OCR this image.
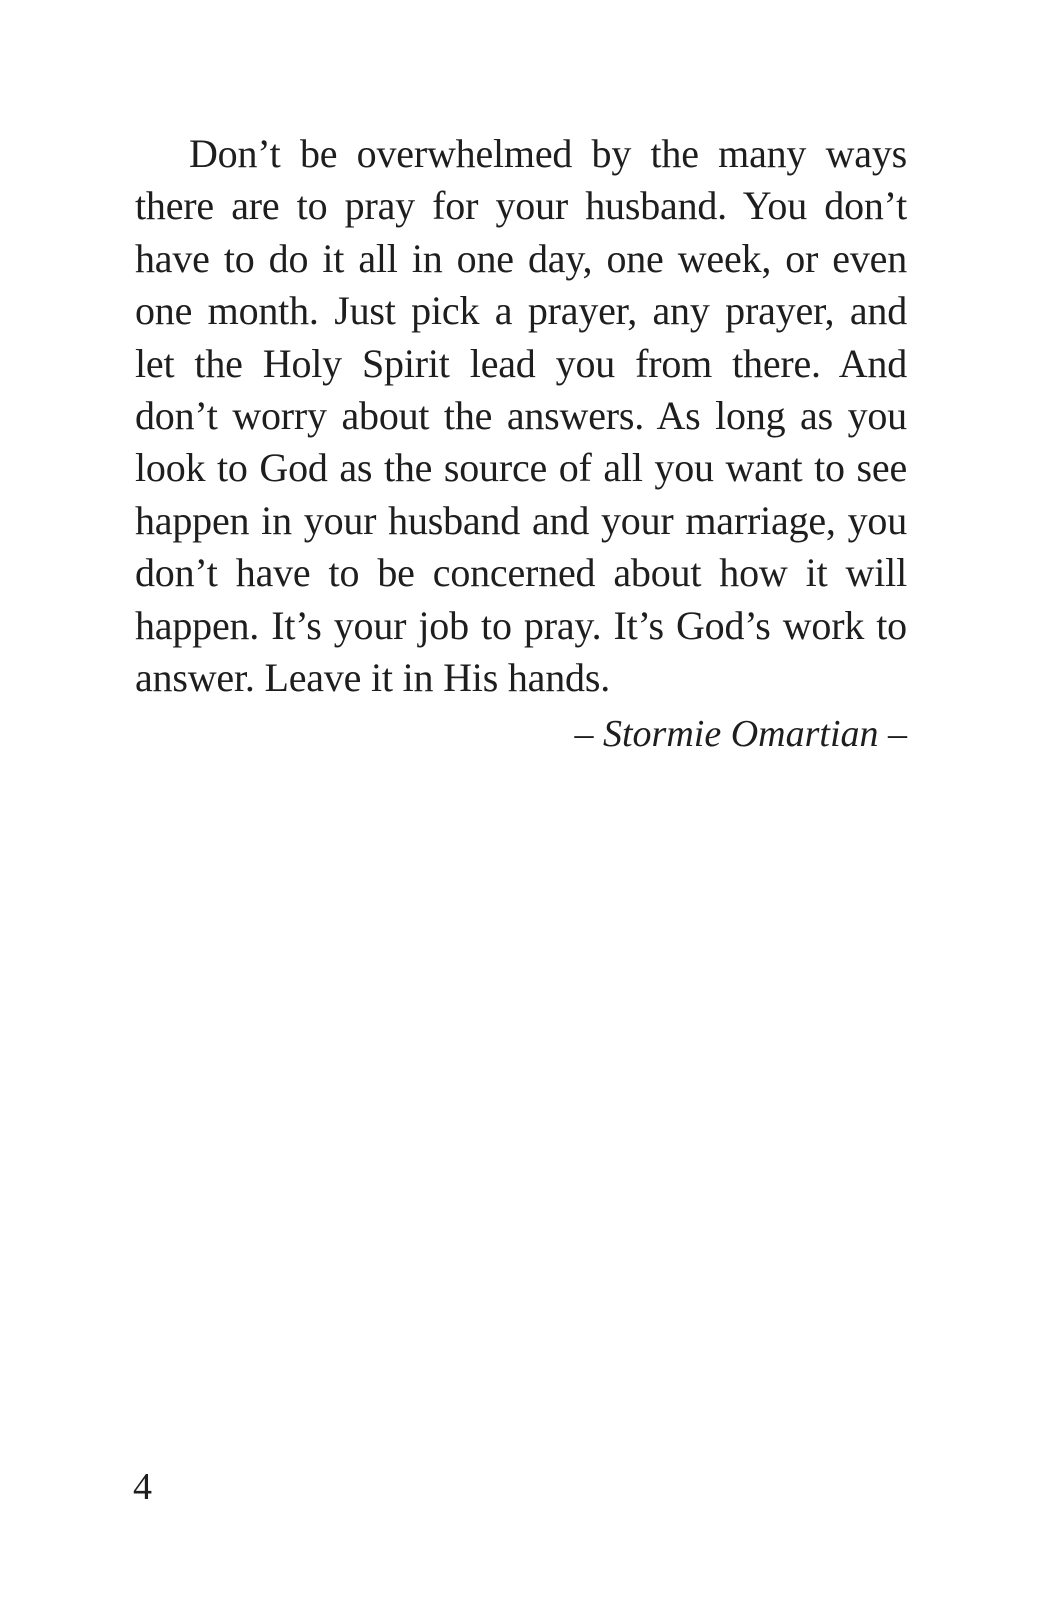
Don’t be overwhelmed by the many ways there are to pray for your husband. You don’t have to do it all in one day, one week, or even one month. Just pick a prayer, any prayer, and let the Holy Spirit lead you from there. And don’t worry about the answers. As long as you look to God as the source of all you want to see happen in your husband and your marriage, you don’t have to be concerned about how it will happen. It’s your job to pray. It’s God’s work to answer. Leave it in His hands.

– Stormie Omartian –

4
